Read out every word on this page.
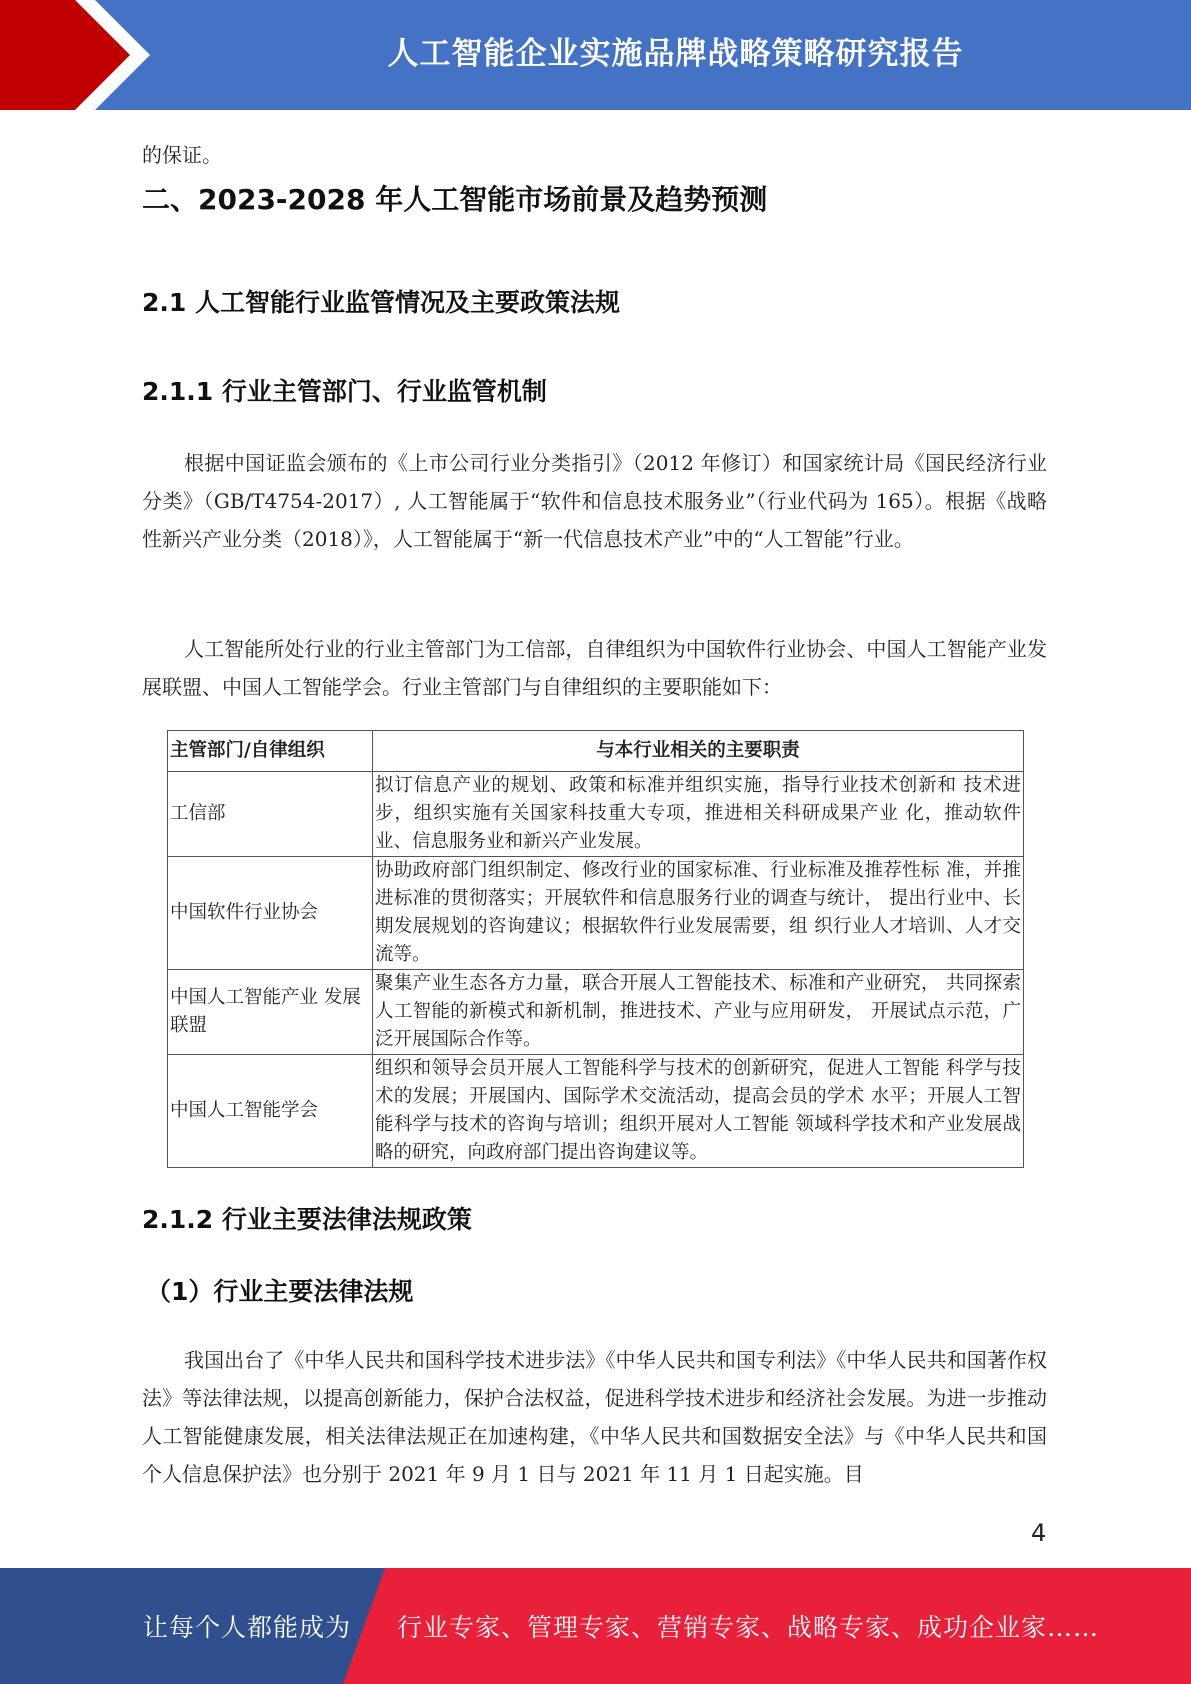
人工智能企业实施品牌战略策略研究报告

的保证。

二、2023-2028 年人工智能市场前景及趋势预测
2.1 人工智能行业监管情况及主要政策法规
2.1.1 行业主管部门、行业监管机制

根据中国证监会颁布的《上市公司行业分类指引》（2012 年修订）和国家统计局《国民经济行业分类》（GB/T4754-2017）, 人工智能属于“软件和信息技术服务业”（行业代码为 165）。根据《战略性新兴产业分类（2018）》，人工智能属于“新一代信息技术产业”中的“人工智能”行业。

人工智能所处行业的行业主管部门为工信部，自律组织为中国软件行业协会、中国人工智能产业发展联盟、中国人工智能学会。行业主管部门与自律组织的主要职能如下：

主管部门/自律组织	与本行业相关的主要职责
工信部	拟订信息产业的规划、政策和标准并组织实施，指导行业技术创新和 技术进步，组织实施有关国家科技重大专项，推进相关科研成果产业 化，推动软件业、信息服务业和新兴产业发展。
中国软件行业协会	协助政府部门组织制定、修改行业的国家标准、行业标准及推荐性标 准，并推进标准的贯彻落实；开展软件和信息服务行业的调查与统计， 提出行业中、长期发展规划的咨询建议；根据软件行业发展需要，组 织行业人才培训、人才交流等。
中国人工智能产业 发展联盟	聚集产业生态各方力量，联合开展人工智能技术、标准和产业研究， 共同探索人工智能的新模式和新机制，推进技术、产业与应用研发， 开展试点示范，广泛开展国际合作等。
中国人工智能学会	组织和领导会员开展人工智能科学与技术的创新研究，促进人工智能 科学与技术的发展；开展国内、国际学术交流活动，提高会员的学术 水平；开展人工智能科学与技术的咨询与培训；组织开展对人工智能 领域科学技术和产业发展战略的研究，向政府部门提出咨询建议等。
2.1.2 行业主要法律法规政策
（1）行业主要法律法规

我国出台了《中华人民共和国科学技术进步法》《中华人民共和国专利法》《中华人民共和国著作权法》等法律法规，以提高创新能力，保护合法权益，促进科学技术进步和经济社会发展。为进一步推动人工智能健康发展，相关法律法规正在加速构建，《中华人民共和国数据安全法》与《中华人民共和国个人信息保护法》也分别于 2021 年 9 月 1 日与 2021 年 11 月 1 日起实施。目

4
让每个人都能成为 行业专家、管理专家、营销专家、战略专家、成功企业家……
